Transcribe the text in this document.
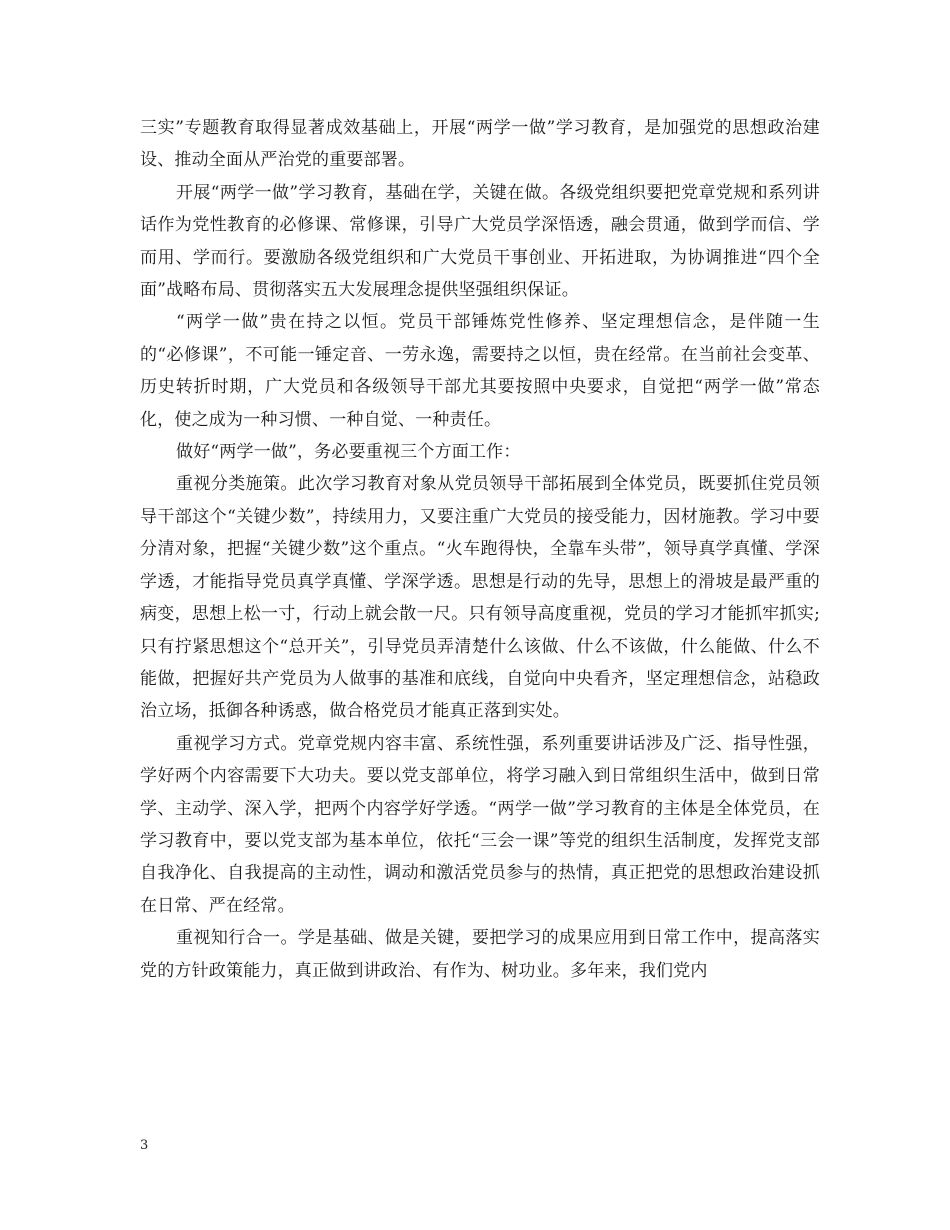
三实”专题教育取得显著成效基础上，开展“两学一做”学习教育，是加强党的思想政治建设、推动全面从严治党的重要部署。

开展“两学一做”学习教育，基础在学，关键在做。各级党组织要把党章党规和系列讲话作为党性教育的必修课、常修课，引导广大党员学深悟透，融会贯通，做到学而信、学而用、学而行。要激励各级党组织和广大党员干事创业、开拓进取，为协调推进“四个全面”战略布局、贯彻落实五大发展理念提供坚强组织保证。

“两学一做”贵在持之以恒。党员干部锤炼党性修养、坚定理想信念，是伴随一生的“必修课”，不可能一锤定音、一劳永逸，需要持之以恒，贵在经常。在当前社会变革、历史转折时期，广大党员和各级领导干部尤其要按照中央要求，自觉把“两学一做”常态化，使之成为一种习惯、一种自觉、一种责任。

做好“两学一做”，务必要重视三个方面工作：

重视分类施策。此次学习教育对象从党员领导干部拓展到全体党员，既要抓住党员领导干部这个“关键少数”，持续用力，又要注重广大党员的接受能力，因材施教。学习中要分清对象，把握“关键少数”这个重点。“火车跑得快，全靠车头带”，领导真学真懂、学深学透，才能指导党员真学真懂、学深学透。思想是行动的先导，思想上的滑坡是最严重的病变，思想上松一寸，行动上就会散一尺。只有领导高度重视，党员的学习才能抓牢抓实;只有拧紧思想这个“总开关”，引导党员弄清楚什么该做、什么不该做，什么能做、什么不能做，把握好共产党员为人做事的基准和底线，自觉向中央看齐，坚定理想信念，站稳政治立场，抵御各种诱惑，做合格党员才能真正落到实处。

重视学习方式。党章党规内容丰富、系统性强，系列重要讲话涉及广泛、指导性强，学好两个内容需要下大功夫。要以党支部单位，将学习融入到日常组织生活中，做到日常学、主动学、深入学，把两个内容学好学透。“两学一做”学习教育的主体是全体党员，在学习教育中，要以党支部为基本单位，依托“三会一课”等党的组织生活制度，发挥党支部自我净化、自我提高的主动性，调动和激活党员参与的热情，真正把党的思想政治建设抓在日常、严在经常。

重视知行合一。学是基础、做是关键，要把学习的成果应用到日常工作中，提高落实党的方针政策能力，真正做到讲政治、有作为、树功业。多年来，我们党内

3
